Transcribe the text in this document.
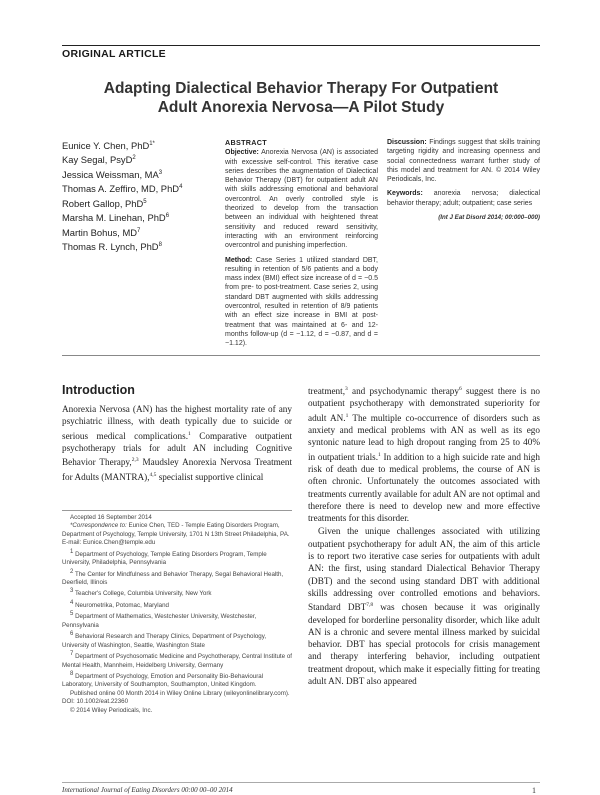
ORIGINAL ARTICLE
Adapting Dialectical Behavior Therapy For Outpatient
Adult Anorexia Nervosa—A Pilot Study
Eunice Y. Chen, PhD$^{1*}$
Kay Segal, PsyD$^2$
Jessica Weissman, $MA^3$
Thomas A. Zeffiro, MD, PhD$^4$
Robert Gallop, PhD$^5$
Marsha M. Linehan, PhD$^6$
Martin Bohus, $MD^7$
Thomas R. Lynch, PhD$^8$
ABSTRACT

Objective: Anorexia Nervosa (AN) is associated with excessive self-control. This iterative case series describes the augmentation of Dialectical Behavior Therapy (DBT) for outpatient adult AN with skills addressing emotional and behavioral overcontrol. An overly controlled style is theorized to develop from the transaction between an individual with heightened threat sensitivity and reduced reward sensitivity, interacting with an environment reinforcing overcontrol and punishing imperfection.

Method: Case Series 1 utilized standard DBT, resulting in retention of 5/6 patients and a body mass index (BMI) effect size increase of d = −0.5 from pre- to post-treatment. Case series 2, using standard DBT augmented with skills addressing overcontrol, resulted in retention of 8/9 patients with an effect size increase in BMI at post-treatment that was maintained at 6- and 12-months follow-up (d = −1.12, d = −0.87, and d = −1.12).

Discussion: Findings suggest that skills training targeting rigidity and increasing openness and social connectedness warrant further study of this model and treatment for AN. © 2014 Wiley Periodicals, Inc.

Keywords: anorexia nervosa; dialectical behavior therapy; adult; outpatient; case series

(Int J Eat Disord 2014; 00:000–000)
Introduction

Anorexia Nervosa (AN) has the highest mortality rate of any psychiatric illness, with death typically due to suicide or serious medical complications.$^1$ Comparative outpatient psychotherapy trials for adult AN including Cognitive Behavior Therapy,$^{2,3}$ Maudsley Anorexia Nervosa Treatment for Adults (MANTRA),$^{4,5}$ specialist supportive clinical

Accepted 16 September 2014
*Correspondence to: Eunice Chen, TED - Temple Eating Disorders Program, Department of Psychology, Temple University, 1701 N 13th Street Philadelphia, PA. E-mail: Eunice.Chen@temple.edu
$^1$ Department of Psychology, Temple Eating Disorders Program, Temple University, Philadelphia, Pennsylvania
$^2$ The Center for Mindfulness and Behavior Therapy, Segal Behavioral Health, Deerfield, Illinois
$^3$ Teacher's College, Columbia University, New York
$^4$ Neurometrika, Potomac, Maryland
$^5$ Department of Mathematics, Westchester University, Westchester, Pennsylvania
$^6$ Behavioral Research and Therapy Clinics, Department of Psychology, University of Washington, Seattle, Washington State
$^7$ Department of Psychosomatic Medicine and Psychotherapy, Central Institute of Mental Health, Mannheim, Heidelberg University, Germany
$^8$ Department of Psychology, Emotion and Personality Bio-Behavioural Laboratory, University of Southampton, Southampton, United Kingdom.
Published online 00 Month 2014 in Wiley Online Library (wileyonlinelibrary.com). DOI: 10.1002/eat.22360
© 2014 Wiley Periodicals, Inc.

treatment,$^3$ and psychodynamic therapy$^6$ suggest there is no outpatient psychotherapy with demonstrated superiority for adult AN.$^1$ The multiple co-occurrence of disorders such as anxiety and medical problems with AN as well as its ego syntonic nature lead to high dropout ranging from 25 to 40% in outpatient trials.$^1$ In addition to a high suicide rate and high risk of death due to medical problems, the course of AN is often chronic. Unfortunately the outcomes associated with treatments currently available for adult AN are not optimal and therefore there is need to develop new and more effective treatments for this disorder.

Given the unique challenges associated with utilizing outpatient psychotherapy for adult AN, the aim of this article is to report two iterative case series for outpatients with adult AN: the first, using standard Dialectical Behavior Therapy (DBT) and the second using standard DBT with additional skills addressing over controlled emotions and behaviors. Standard DBT$^{7,8}$ was chosen because it was originally developed for borderline personality disorder, which like adult AN is a chronic and severe mental illness marked by suicidal behavior. DBT has special protocols for crisis management and therapy interfering behavior, including outpatient treatment dropout, which make it especially fitting for treating adult AN. DBT also appeared

International Journal of Eating Disorders 00:00 00–00 2014	1
